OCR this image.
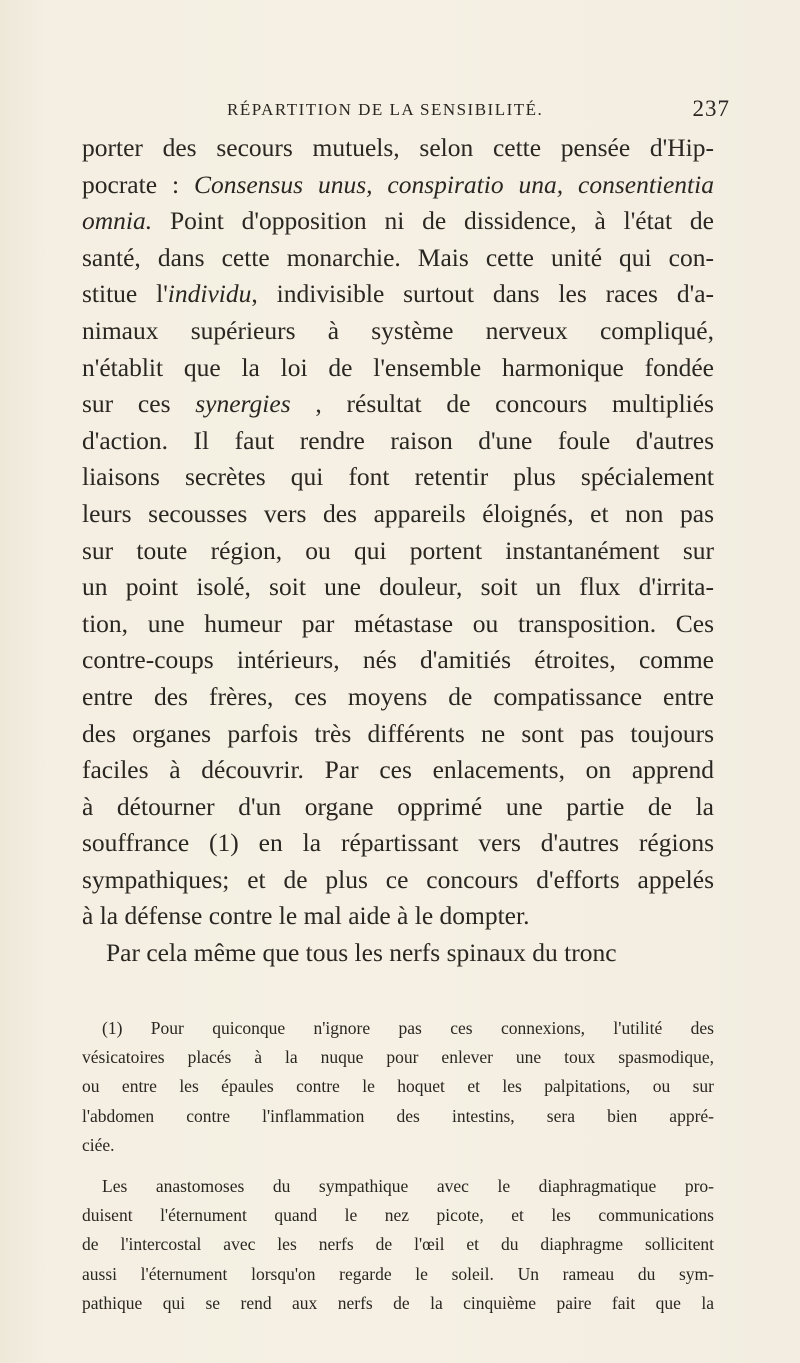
RÉPARTITION DE LA SENSIBILITÉ.	237
porter des secours mutuels, selon cette pensée d'Hip-
pocrate : Consensus unus, conspiratio una, consentientia
omnia. Point d'opposition ni de dissidence, à l'état de
santé, dans cette monarchie. Mais cette unité qui con-
stitue l'individu, indivisible surtout dans les races d'a-
nimaux supérieurs à système nerveux compliqué,
n'établit que la loi de l'ensemble harmonique fondée
sur ces synergies , résultat de concours multipliés
d'action. Il faut rendre raison d'une foule d'autres
liaisons secrètes qui font retentir plus spécialement
leurs secousses vers des appareils éloignés, et non pas
sur toute région, ou qui portent instantanément sur
un point isolé, soit une douleur, soit un flux d'irrita-
tion, une humeur par métastase ou transposition. Ces
contre-coups intérieurs, nés d'amitiés étroites, comme
entre des frères, ces moyens de compatissance entre
des organes parfois très différents ne sont pas toujours
faciles à découvrir. Par ces enlacements, on apprend
à détourner d'un organe opprimé une partie de la
souffrance (1) en la répartissant vers d'autres régions
sympathiques; et de plus ce concours d'efforts appelés
à la défense contre le mal aide à le dompter.
Par cela même que tous les nerfs spinaux du tronc
(1) Pour quiconque n'ignore pas ces connexions, l'utilité des
vésicatoires placés à la nuque pour enlever une toux spasmodique,
ou entre les épaules contre le hoquet et les palpitations, ou sur
l'abdomen contre l'inflammation des intestins, sera bien appré-
ciée.
Les anastomoses du sympathique avec le diaphragmatique pro-
duisent l'éternument quand le nez picote, et les communications
de l'intercostal avec les nerfs de l'œil et du diaphragme sollicitent
aussi l'éternument lorsqu'on regarde le soleil. Un rameau du sym-
pathique qui se rend aux nerfs de la cinquième paire fait que la
